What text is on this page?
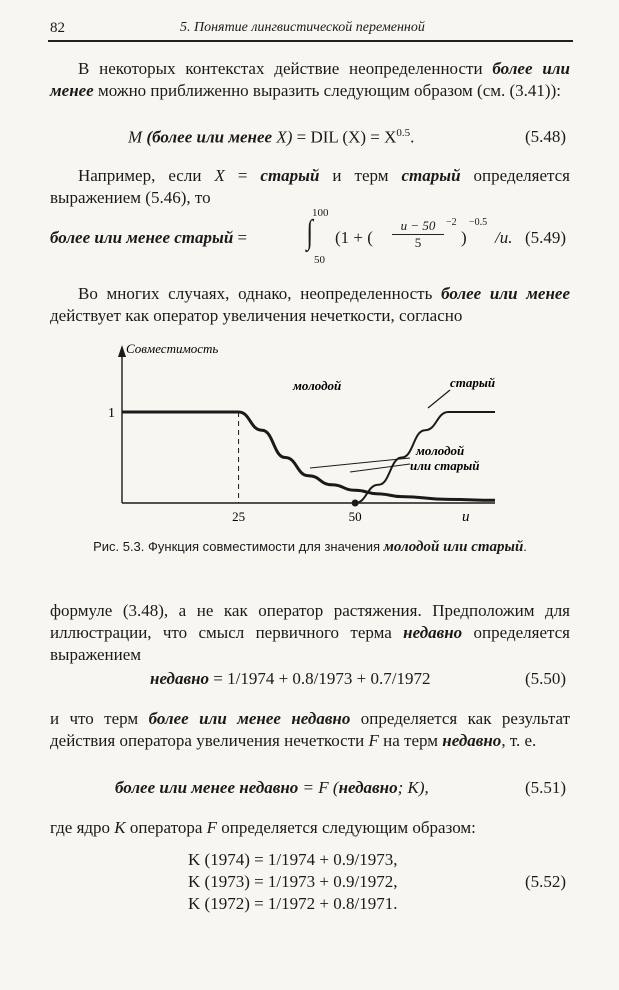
82	5. Понятие лингвистической переменной
В некоторых контекстах действие неопределенности более или менее можно приближенно выразить следующим образом (см. (3.41)):
M (более или менее X) = DIL $(X) = X^{0.5}$.	(5.48)
Например, если X = старый и терм старый определяется выражением (5.46), то
более или менее старый =
100
∫
50
(1 + ( $\frac{u - 50}{5} -2$
)
−0.5
/u. (5.49)
Во многих случаях, однако, неопределенность более или менее действует как оператор увеличения нечеткости, согласно
Совместимость
1
25	50	u
молодой	старый
молодой
или старый
Рис. 5.3. Функция совместимости для значения молодой или старый.
формуле (3.48), а не как оператор растяжения. Предположим для иллюстрации, что смысл первичного терма недавно определяется выражением
недавно = 1/1974 + 0.8/1973 + 0.7/1972	(5.50)
и что терм более или менее недавно определяется как результат действия оператора увеличения нечеткости F на терм недавно, т. е.
более или менее недавно = F (недавно; K),	(5.51)
где ядро K оператора F определяется следующим образом:
K (1974) = 1/1974 + 0.9/1973,
K (1973) = 1/1973 + 0.9/1972,
K (1972) = 1/1972 + 0.8/1971.
(5.52)
